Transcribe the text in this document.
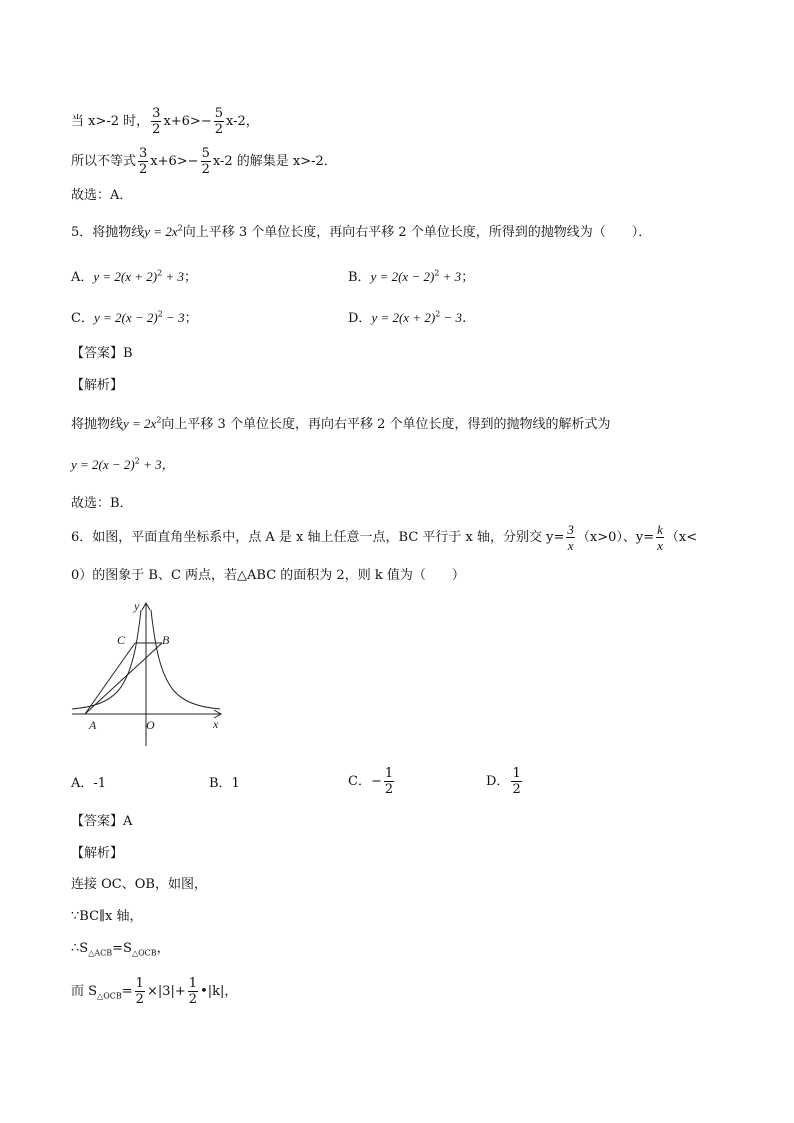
当 x>-2 时， $\frac{3}{2} x+6>- \frac{5}{2} x-2$，
所以不等式 $\frac{3}{2} x+6>- \frac{5}{2} x-2$ 的解集是 x>-2．
故选：A．
5．将抛物线$y = 2x^2$向上平移 3 个单位长度，再向右平移 2 个单位长度，所得到的抛物线为（　　）．
A．$y = 2(x + 2)^2 + 3$；	B．$y = 2(x - 2)^2 + 3$；
C．$y = 2(x - 2)^2 - 3$；	D．$y = 2(x + 2)^2 - 3$.
【答案】B
【解析】
将抛物线$y = 2x^2$向上平移 3 个单位长度，再向右平移 2 个单位长度，得到的抛物线的解析式为
$y = 2(x - 2)^2 + 3$，
故选：B．
6．如图，平面直角坐标系中，点 A 是 x 轴上任意一点，BC 平行于 x 轴，分别交 $y= \frac{3}{x} (x>0)$、$y= \frac{k}{x} (x<$
0）的图象于 B、C 两点，若△ABC 的面积为 2，则 k 值为（　　）
y
x
O
A
B
C
A．-1	B．1	C．− $\frac{1}{2}$	D． $\frac{1}{2}$
【答案】A
【解析】
连接 OC、OB，如图，
∵BC∥x 轴，
$\therefore S_{\triangle ACB}=S_{\triangle OCB}$，
而 $S_{\triangle OCB}= \frac{1}{2} \times|3|+ \frac{1}{2}$ •|k|，
